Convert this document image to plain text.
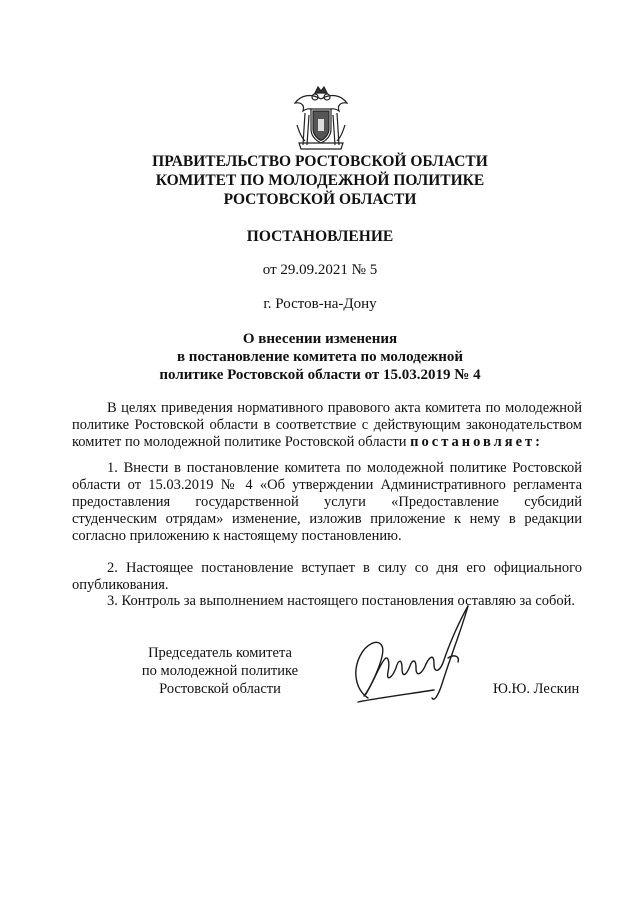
ПРАВИТЕЛЬСТВО РОСТОВСКОЙ ОБЛАСТИ
КОМИТЕТ ПО МОЛОДЕЖНОЙ ПОЛИТИКЕ
РОСТОВСКОЙ ОБЛАСТИ
ПОСТАНОВЛЕНИЕ
от 29.09.2021 № 5
г. Ростов-на-Дону
О внесении изменения
в постановление комитета по молодежной
политике Ростовской области от 15.03.2019 № 4
В целях приведения нормативного правового акта комитета по молодежной политике Ростовской области в соответствие с действующим законодательством комитет по молодежной политике Ростовской области постановляет:
1. Внести в постановление комитета по молодежной политике Ростовской области от 15.03.2019 № 4 «Об утверждении Административного регламента предоставления государственной услуги «Предоставление субсидий студенческим отрядам» изменение, изложив приложение к нему в редакции согласно приложению к настоящему постановлению.
2. Настоящее постановление вступает в силу со дня его официального опубликования.
3. Контроль за выполнением настоящего постановления оставляю за собой.
Председатель комитета
по молодежной политике
Ростовской области	Ю.Ю. Лескин
